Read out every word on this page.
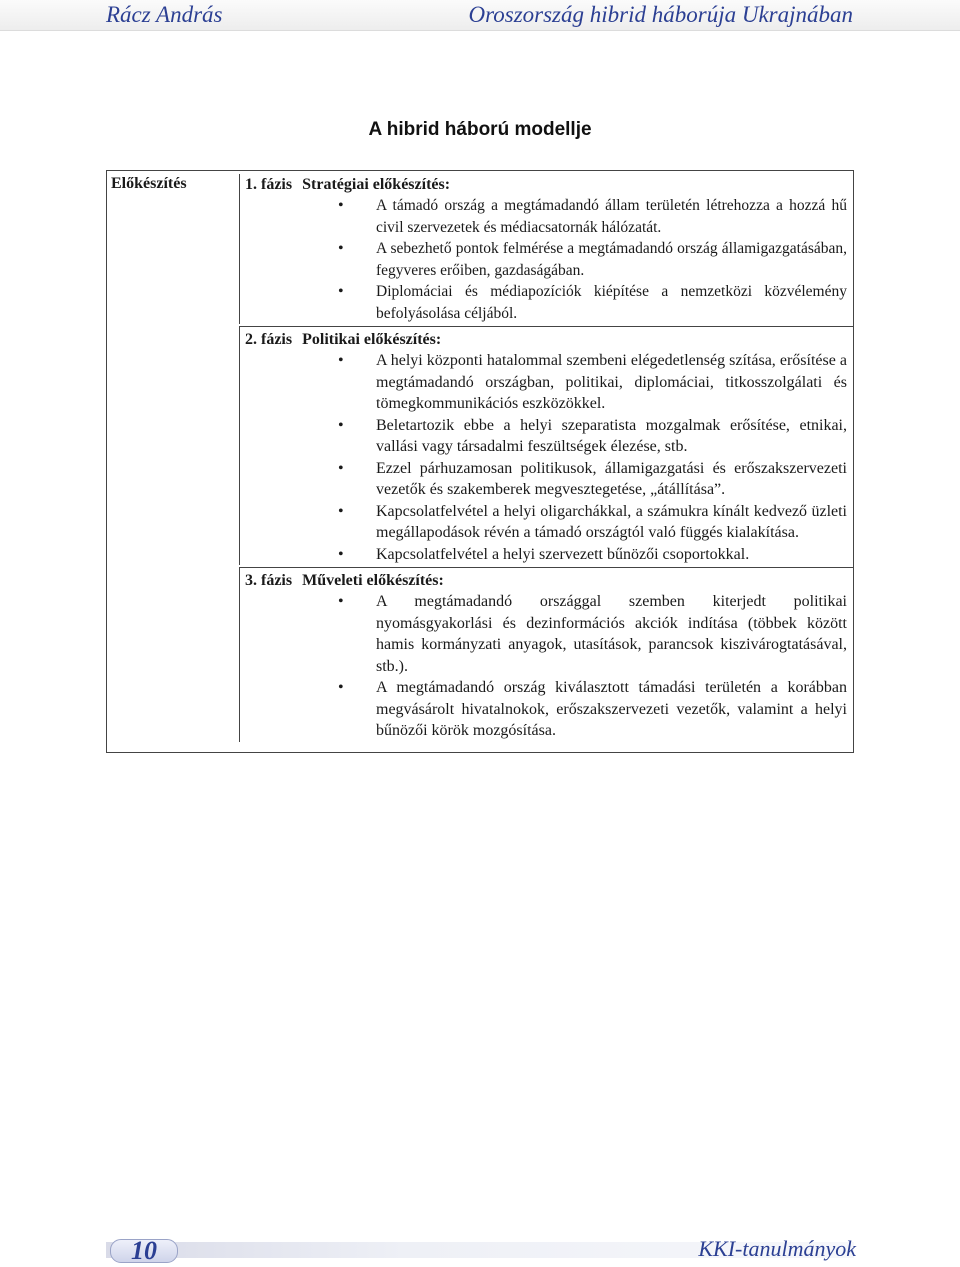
Rácz András	Oroszország hibrid háborúja Ukrajnában
A hibrid háború modellje
Előkészítés	1. fázis Stratégiai előkészítés:
• A támadó ország a megtámadandó állam területén létrehozza a hozzá hű civil szervezetek és médiacsatornák hálózatát.
• A sebezhető pontok felmérése a megtámadandó ország államigazgatásában, fegyveres erőiben, gazdaságában.
• Diplomáciai és médiapozíciók kiépítése a nemzetközi közvélemény befolyásolása céljából.
2. fázis Politikai előkészítés:
• A helyi központi hatalommal szembeni elégedetlenség szítása, erősítése a megtámadandó országban, politikai, diplomáciai, titkosszolgálati és tömegkommunikációs eszközökkel.
• Beletartozik ebbe a helyi szeparatista mozgalmak erősítése, etnikai, vallási vagy társadalmi feszültségek élezése, stb.
• Ezzel párhuzamosan politikusok, államigazgatási és erőszakszervezeti vezetők és szakemberek megvesztegetése, „átállítása”.
• Kapcsolatfelvétel a helyi oligarchákkal, a számukra kínált kedvező üzleti megállapodások révén a támadó országtól való függés kialakítása.
• Kapcsolatfelvétel a helyi szervezett bűnözői csoportokkal.
3. fázis Műveleti előkészítés:
• A megtámadandó országgal szemben kiterjedt politikai nyomásgyakorlási és dezinformációs akciók indítása (többek között hamis kormányzati anyagok, utasítások, parancsok kiszivárogtatásával, stb.).
• A megtámadandó ország kiválasztott támadási területén a korábban megvásárolt hivatalnokok, erőszakszervezeti vezetők, valamint a helyi bűnözői körök mozgósítása.
10	KKI-tanulmányok
